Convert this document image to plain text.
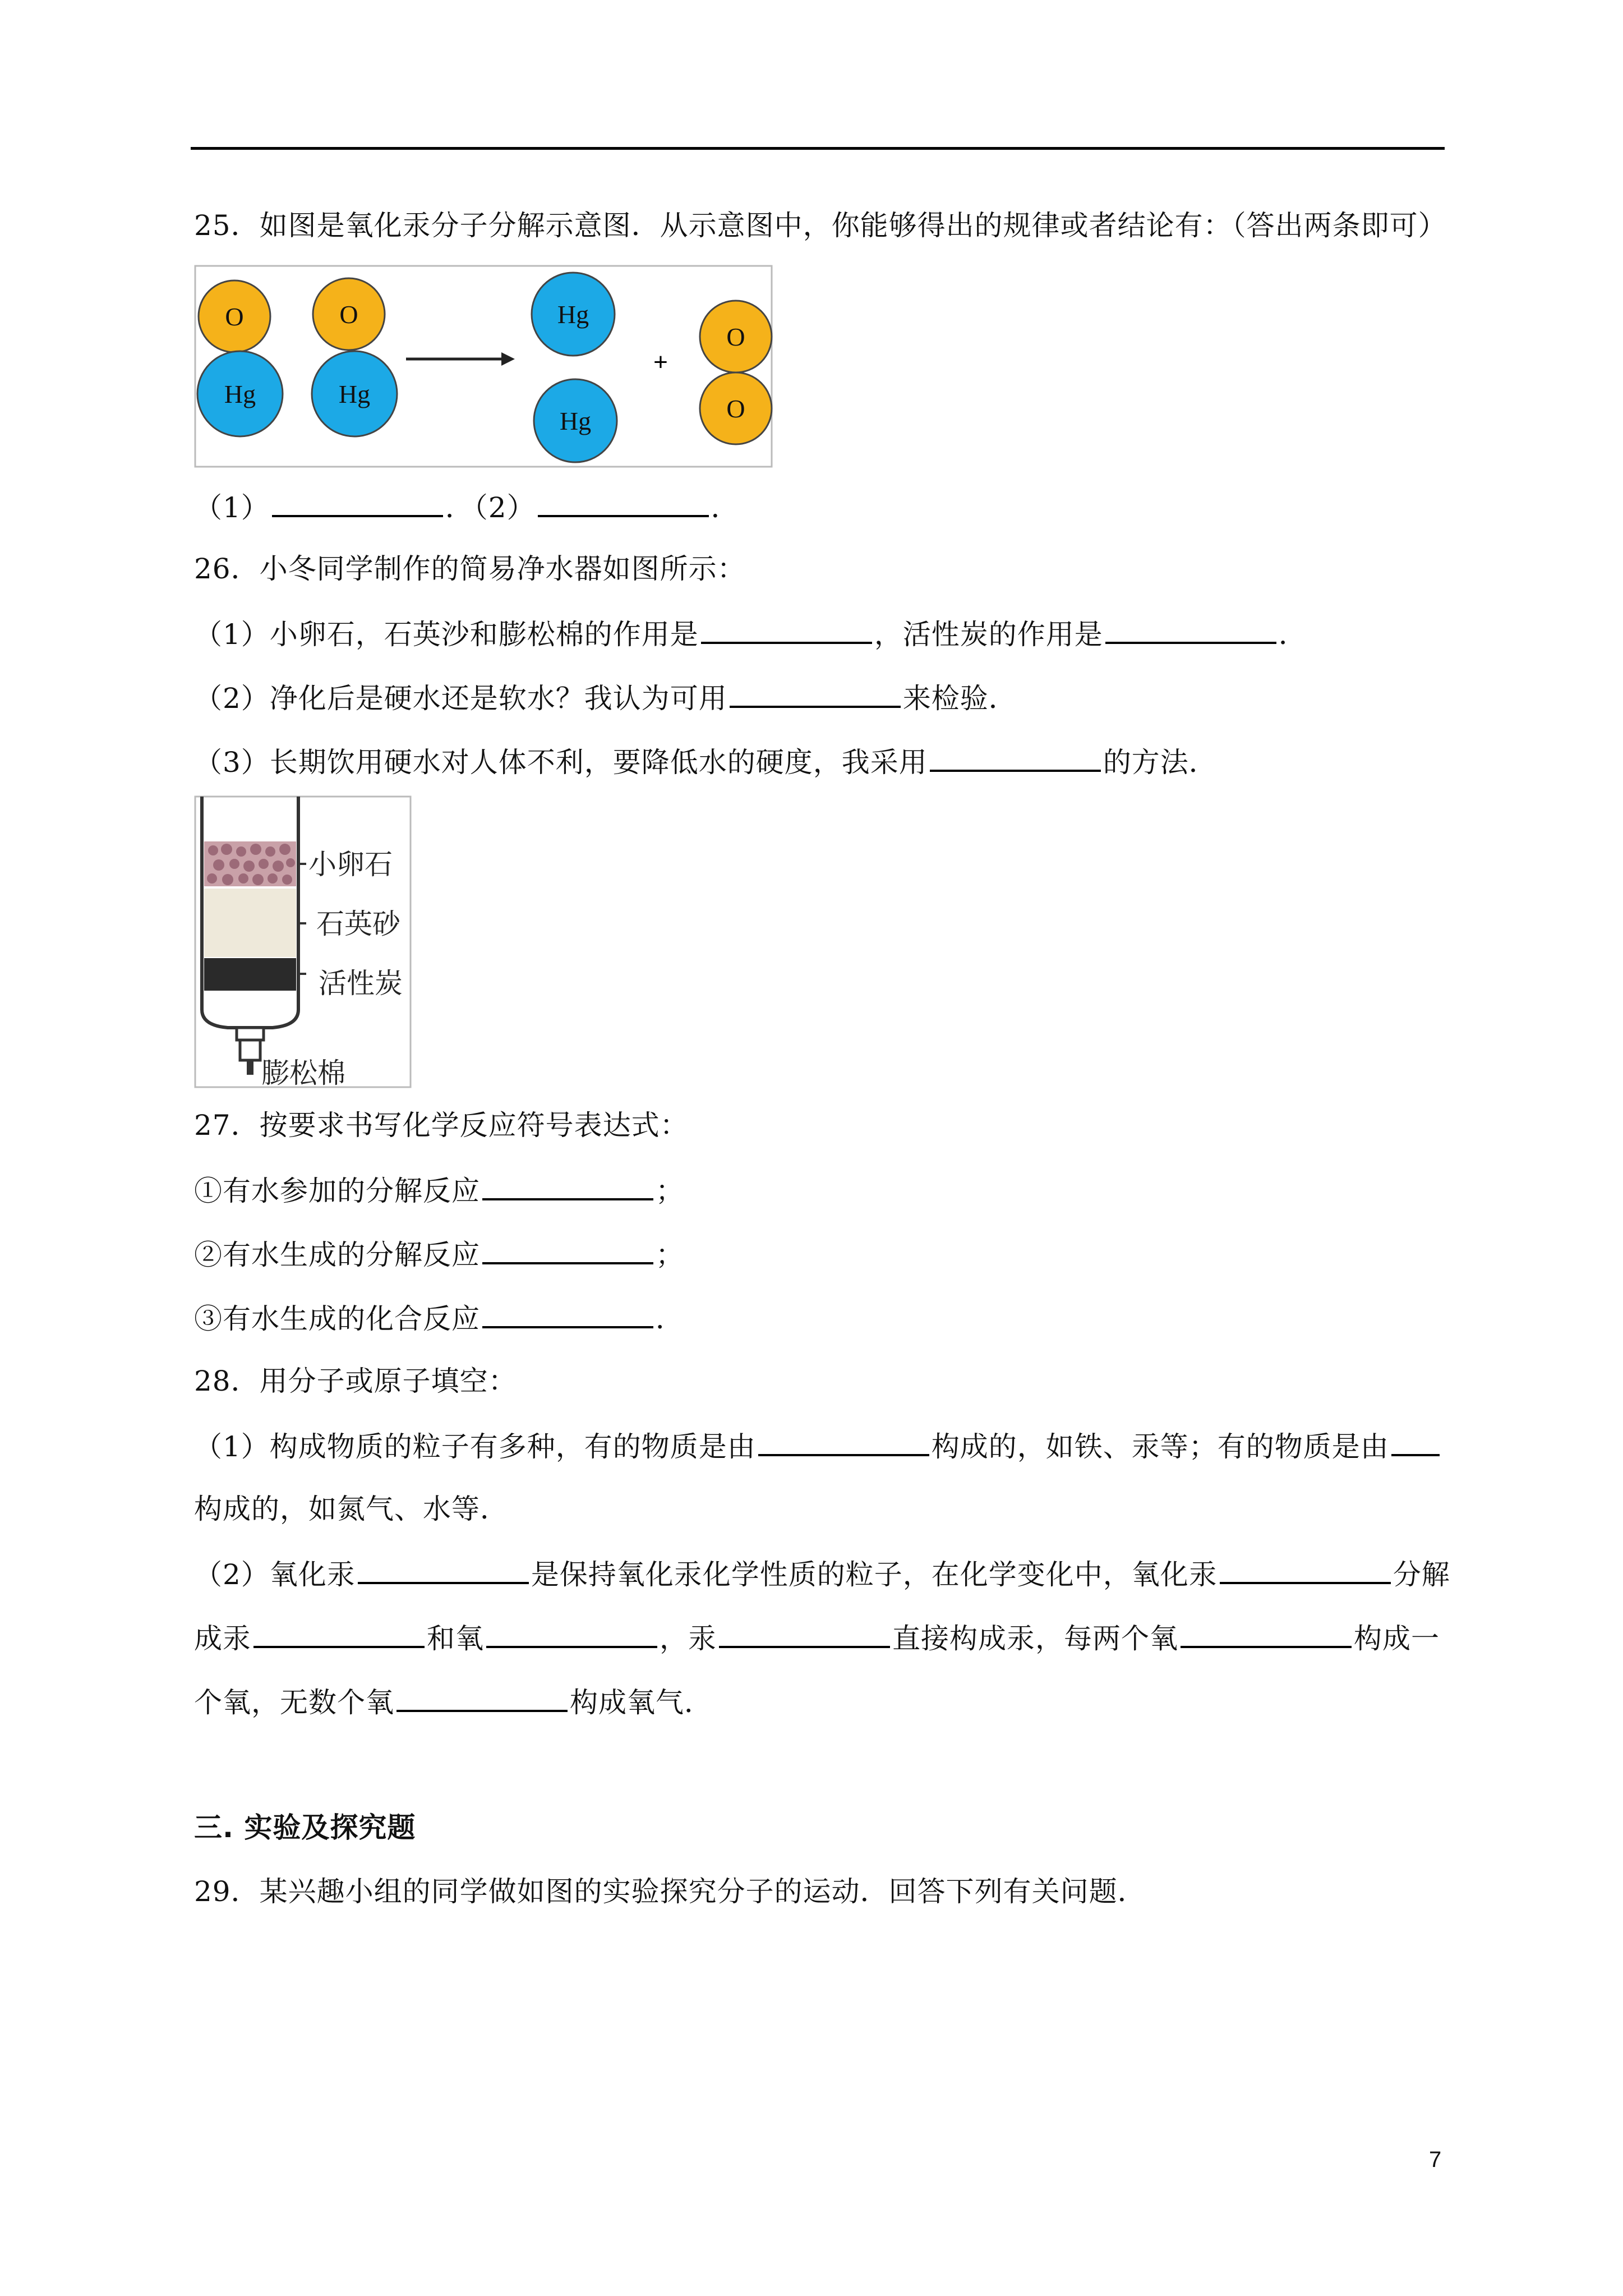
25．如图是氧化汞分子分解示意图．从示意图中，你能够得出的规律或者结论有：（答出两条即可）
+
O
Hg
O
Hg
Hg
Hg
O
O
（1）	．（2）	．
26．小冬同学制作的简易净水器如图所示：
（1）小卵石，石英沙和膨松棉的作用是	，活性炭的作用是	．
（2）净化后是硬水还是软水？我认为可用	来检验．
（3）长期饮用硬水对人体不利，要降低水的硬度，我采用	的方法．
小卵石
石英砂
活性炭
膨松棉
27．按要求书写化学反应符号表达式：
①有水参加的分解反应	；
②有水生成的分解反应	；
③有水生成的化合反应	．
28．用分子或原子填空：
（1）构成物质的粒子有多种，有的物质是由	构成的，如铁、汞等；有的物质是由
构成的，如氮气、水等．
（2）氧化汞	是保持氧化汞化学性质的粒子，在化学变化中，氧化汞	分解
成汞	和氧	，汞	直接构成汞，每两个氧	构成一
个氧，无数个氧	构成氧气．
三. 实验及探究题
29．某兴趣小组的同学做如图的实验探究分子的运动．回答下列有关问题．
7
